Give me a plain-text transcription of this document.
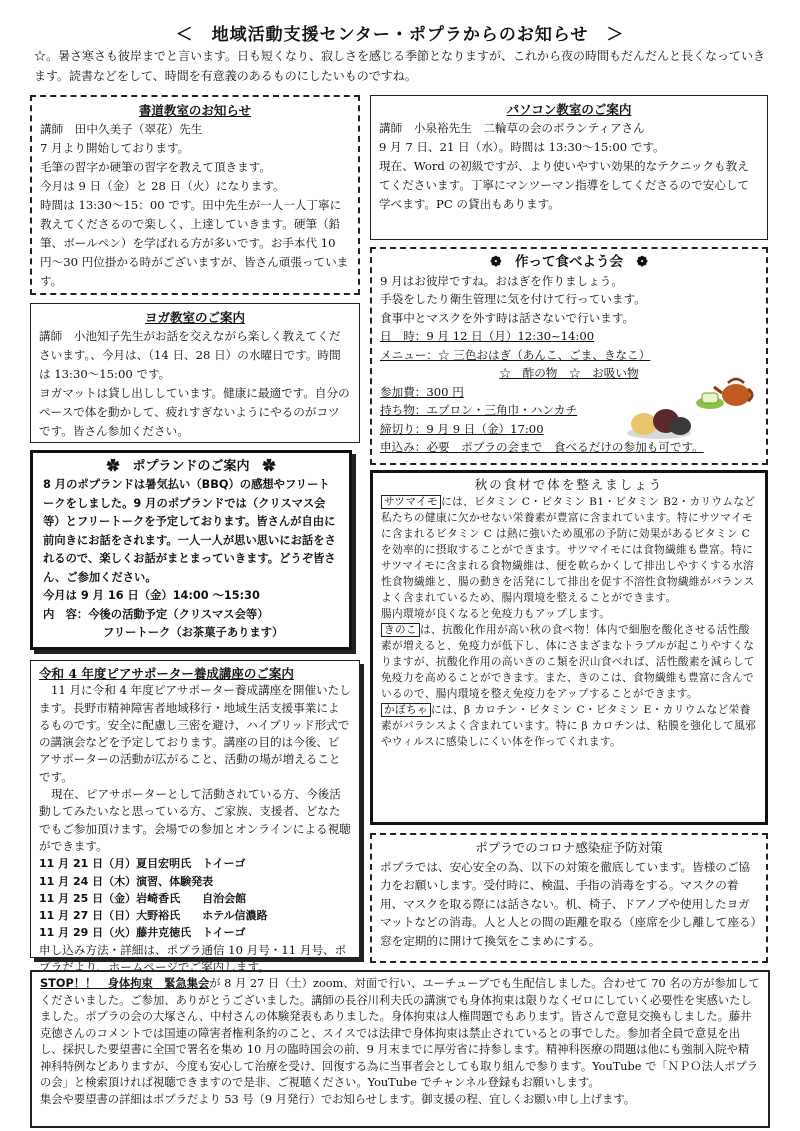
＜　地域活動支援センター・ポプラからのお知らせ　＞
☆。暑さ寒さも彼岸までと言います。日も短くなり、寂しさを感じる季節となりますが、これから夜の時間もだんだんと長くなっていきます。読書などをして、時間を有意義のあるものにしたいものですね。

書道教室のお知らせ

講師　田中久美子（翠花）先生

7 月より開始しております。

毛筆の習字か硬筆の習字を教えて頂きます。

今月は 9 日（金）と 28 日（火）になります。

時間は 13:30～15：00 です。田中先生が一人一人丁寧に教えてくださるので楽しく、上達していきます。硬筆（鉛筆、ボールペン）を学ばれる方が多いです。お手本代 10 円～30 円位掛かる時がございますが、皆さん頑張っています。

パソコン教室のご案内

講師　小泉裕先生　二輪草の会のボランティアさん

9 月 7 日、21 日（水）。時間は 13:30～15:00 です。

現在、Word の初級ですが、より使いやすい効果的なテクニックも教えてくださいます。丁寧にマンツーマン指導をしてくださるので安心して学べます。PC の貸出もあります。

ヨガ教室のご案内

講師　小池知子先生がお話を交えながら楽しく教えてくださいます。、今月は、（14 日、28 日）の水曜日です。時間は 13:30～15:00 です。

ヨガマットは貸し出ししています。健康に最適です。自分のペースで体を動かして、疲れすぎないようにやるのがコツです。皆さん参加ください。

❁　作って食べよう会　❁

9 月はお彼岸ですね。おはぎを作りましょう。

手袋をしたり衛生管理に気を付けて行っています。

食事中とマスクを外す時は話さないで行います。

日　時：9 月 12 日（月）12:30~14:00

メニュー：☆ 三色おはぎ（あんこ、ごま、きなこ）

☆　酢の物　☆　お吸い物

参加費：300 円

持ち物：エプロン・三角巾・ハンカチ

締切り：9 月 9 日（金）17:00

申込み：必要　ポプラの会まで　食べるだけの参加も可です。

✿　ポプランドのご案内　✿

8 月のポプランドは暑気払い（BBQ）の感想やフリートークをしました。9 月のポプランドでは（クリスマス会等）とフリートークを予定しております。皆さんが自由に前向きにお話をされます。一人一人が思い思いにお話をされるので、楽しくお話がまとまっていきます。どうぞ皆さん、ご参加ください。

今月は 9 月 16 日（金）14:00 ～15:30

内　容：今後の活動予定（クリスマス会等）

フリートーク（お茶菓子あります）

秋の食材で体を整えましょう

サツマイモ には、ビタミン C・ビタミン B1・ビタミン B2・カリウムなど私たちの健康に欠かせない栄養素が豊富に含まれています。特にサツマイモに含まれるビタミン C は熱に強いため風邪の予防に効果があるビタミン C を効率的に摂取することができます。サツマイモには食物繊維も豊富。特にサツマイモに含まれる食物繊維は、便を軟らかくして排出しやすくする水溶性食物繊維と、腸の動きを活発にして排出を促す不溶性食物繊維がバランスよく含まれているため、腸内環境を整えることができます。

腸内環境が良くなると免疫力もアップします。

きのこ は、抗酸化作用が高い秋の食べ物！体内で細胞を酸化させる活性酸素が増えると、免疫力が低下し、体にさまざまなトラブルが起こりやすくなりますが、抗酸化作用の高いきのこ類を沢山食べれば、活性酸素を減らして免疫力を高めることができます。また、きのこは、食物繊維も豊富に含んでいるので、腸内環境を整え免疫力をアップすることができます。

かぼちゃ には、β カロチン・ビタミン C・ビタミン E・カリウムなど栄養素がバランスよく含まれています。特に β カロチンは、粘膜を強化して風邪やウィルスに感染しにくい体を作ってくれます。

令和 4 年度ピアサポーター養成講座のご案内

11 月に令和 4 年度ピアサポーター養成講座を開催いたします。長野市精神障害者地域移行・地域生活支援事業によるものです。安全に配慮し三密を避け、ハイブリッド形式での講演会などを予定しております。講座の目的は今後、ピアサポーターの活動が広がること、活動の場が増えることです。

現在、ピアサポーターとして活動されている方、今後活動してみたいなと思っている方、ご家族、支援者、どなたでもご参加頂けます。会場での参加とオンラインによる視聴ができます。

11 月 21 日（月）夏目宏明氏　トイーゴ

11 月 24 日（木）演習、体験発表

11 月 25 日（金）岩崎香氏　　自治会館

11 月 27 日（日）大野裕氏　　ホテル信濃路

11 月 29 日（火）藤井克徳氏　トイーゴ

申し込み方法・詳細は、ポプラ通信 10 月号・11 月号、ポプラだより、ホームページでご案内します。

ポプラでのコロナ感染症予防対策

ポプラでは、安心安全の為、以下の対策を徹底しています。皆様のご協力をお願いします。受付時に、検温、手指の消毒をする。マスクの着用、マスクを取る際には話さない。机、椅子、ドアノブや使用したヨガマットなどの消毒。人と人との間の距離を取る（座席を少し離して座る）窓を定期的に開けて換気をこまめにする。

STOP！！　身体拘束　緊急集会が 8 月 27 日（土）zoom、対面で行い、ユーチューブでも生配信しました。合わせて 70 名の方が参加してくださいました。ご参加、ありがとうございました。講師の長谷川利夫氏の講演でも身体拘束は限りなくゼロにしていく必要性を実感いたしました。ポプラの会の大塚さん、中村さんの体験発表もありました。身体拘束は人権問題でもあります。皆さんで意見交換もしました。藤井克徳さんのコメントでは国連の障害者権利条約のこと、スイスでは法律で身体拘束は禁止されているとの事でした。参加者全員で意見を出し、採択した要望書に全国で署名を集め 10 月の臨時国会の前、9 月末までに厚労省に持参します。精神科医療の問題は他にも強制入院や精神科特例などありますが、今度も安心して治療を受け、回復する為に当事者会としても取り組んで参ります。YouTube で「ＮＰＯ法人ポプラの会」と検索頂ければ視聴できますので是非、ご視聴ください。YouTube でチャンネル登録もお願いします。

集会や要望書の詳細はポプラだより 53 号（9 月発行）でお知らせします。御支援の程、宜しくお願い申し上げます。
